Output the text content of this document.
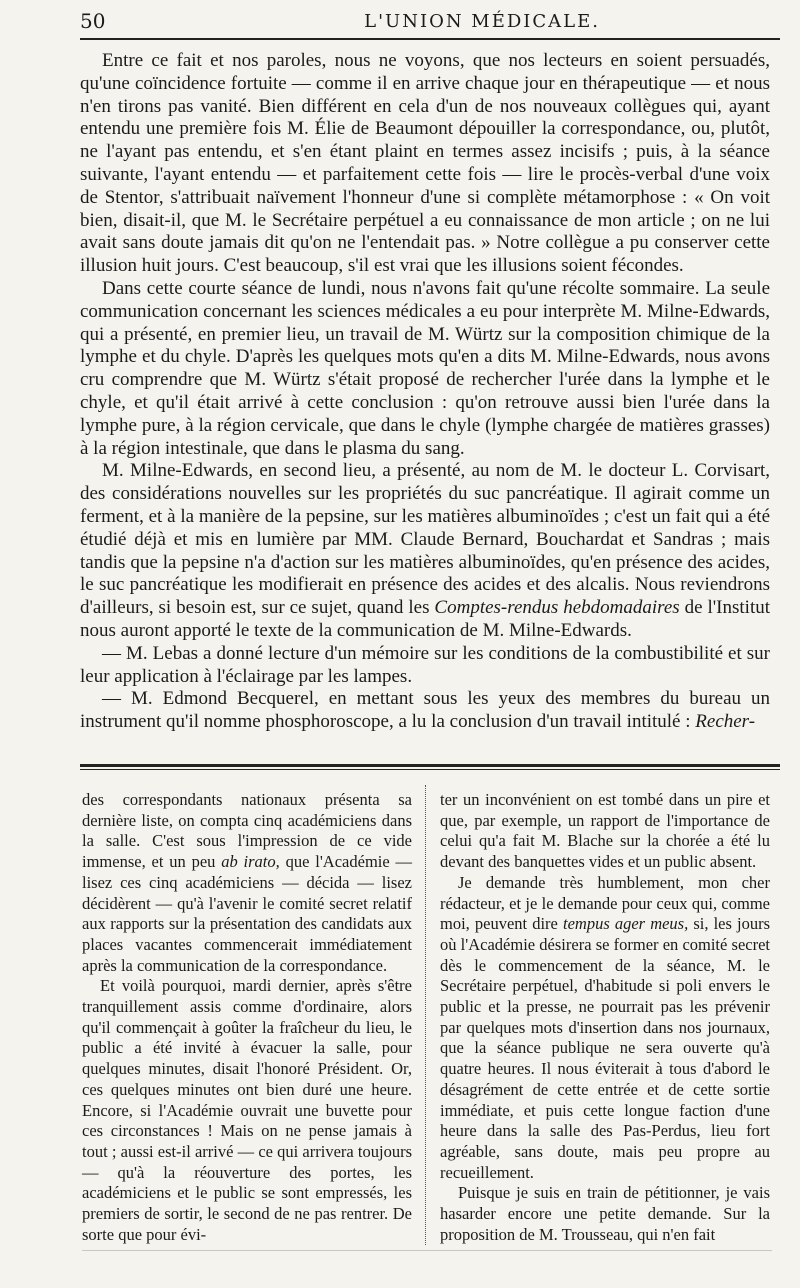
50	L'UNION MÉDICALE.

Entre ce fait et nos paroles, nous ne voyons, que nos lecteurs en soient persuadés, qu'une coïncidence fortuite — comme il en arrive chaque jour en thérapeutique — et nous n'en tirons pas vanité. Bien différent en cela d'un de nos nouveaux collègues qui, ayant entendu une première fois M. Élie de Beaumont dépouiller la correspondance, ou, plutôt, ne l'ayant pas entendu, et s'en étant plaint en termes assez incisifs ; puis, à la séance suivante, l'ayant entendu — et parfaitement cette fois — lire le procès-verbal d'une voix de Stentor, s'attribuait naïvement l'honneur d'une si complète métamorphose : « On voit bien, disait-il, que M. le Secrétaire perpétuel a eu connaissance de mon article ; on ne lui avait sans doute jamais dit qu'on ne l'entendait pas. » Notre collègue a pu conserver cette illusion huit jours. C'est beaucoup, s'il est vrai que les illusions soient fécondes.

Dans cette courte séance de lundi, nous n'avons fait qu'une récolte sommaire. La seule communication concernant les sciences médicales a eu pour interprète M. Milne-Edwards, qui a présenté, en premier lieu, un travail de M. Würtz sur la composition chimique de la lymphe et du chyle. D'après les quelques mots qu'en a dits M. Milne-Edwards, nous avons cru comprendre que M. Würtz s'était proposé de rechercher l'urée dans la lymphe et le chyle, et qu'il était arrivé à cette conclusion : qu'on retrouve aussi bien l'urée dans la lymphe pure, à la région cervicale, que dans le chyle (lymphe chargée de matières grasses) à la région intestinale, que dans le plasma du sang.

M. Milne-Edwards, en second lieu, a présenté, au nom de M. le docteur L. Corvisart, des considérations nouvelles sur les propriétés du suc pancréatique. Il agirait comme un ferment, et à la manière de la pepsine, sur les matières albuminoïdes ; c'est un fait qui a été étudié déjà et mis en lumière par MM. Claude Bernard, Bouchardat et Sandras ; mais tandis que la pepsine n'a d'action sur les matières albuminoïdes, qu'en présence des acides, le suc pancréatique les modifierait en présence des acides et des alcalis. Nous reviendrons d'ailleurs, si besoin est, sur ce sujet, quand les Comptes-rendus hebdomadaires de l'Institut nous auront apporté le texte de la communication de M. Milne-Edwards.

— M. Lebas a donné lecture d'un mémoire sur les conditions de la combustibilité et sur leur application à l'éclairage par les lampes.

— M. Edmond Becquerel, en mettant sous les yeux des membres du bureau un instrument qu'il nomme phosphoroscope, a lu la conclusion d'un travail intitulé : Recher-

des correspondants nationaux présenta sa dernière liste, on compta cinq académiciens dans la salle. C'est sous l'impression de ce vide immense, et un peu ab irato, que l'Académie — lisez ces cinq académiciens — décida — lisez décidèrent — qu'à l'avenir le comité secret relatif aux rapports sur la présentation des candidats aux places vacantes commencerait immédiatement après la communication de la correspondance.

Et voilà pourquoi, mardi dernier, après s'être tranquillement assis comme d'ordinaire, alors qu'il commençait à goûter la fraîcheur du lieu, le public a été invité à évacuer la salle, pour quelques minutes, disait l'honoré Président. Or, ces quelques minutes ont bien duré une heure. Encore, si l'Académie ouvrait une buvette pour ces circonstances ! Mais on ne pense jamais à tout ; aussi est-il arrivé — ce qui arrivera toujours — qu'à la réouverture des portes, les académiciens et le public se sont empressés, les premiers de sortir, le second de ne pas rentrer. De sorte que pour évi-

ter un inconvénient on est tombé dans un pire et que, par exemple, un rapport de l'importance de celui qu'a fait M. Blache sur la chorée a été lu devant des banquettes vides et un public absent.

Je demande très humblement, mon cher rédacteur, et je le demande pour ceux qui, comme moi, peuvent dire tempus ager meus, si, les jours où l'Académie désirera se former en comité secret dès le commencement de la séance, M. le Secrétaire perpétuel, d'habitude si poli envers le public et la presse, ne pourrait pas les prévenir par quelques mots d'insertion dans nos journaux, que la séance publique ne sera ouverte qu'à quatre heures. Il nous éviterait à tous d'abord le désagrément de cette entrée et de cette sortie immédiate, et puis cette longue faction d'une heure dans la salle des Pas-Perdus, lieu fort agréable, sans doute, mais peu propre au recueillement.

Puisque je suis en train de pétitionner, je vais hasarder encore une petite demande. Sur la proposition de M. Trousseau, qui n'en fait
